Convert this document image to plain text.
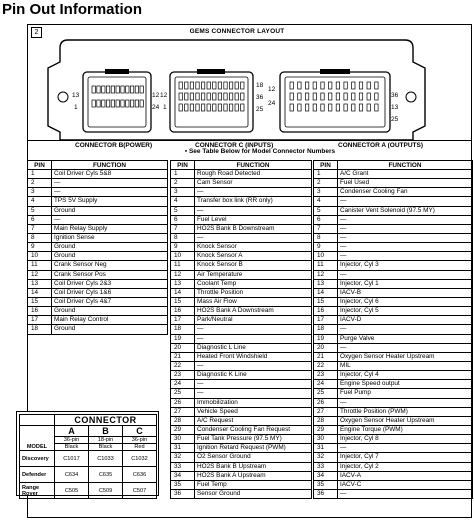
Pin Out Information
2	GEMS CONNECTOR LAYOUT
13
1
12
24
12
1
18
36
25
12
24
36
13
25
CONNECTOR B(POWER)	CONNECTOR C (INPUTS)	CONNECTOR A (OUTPUTS)
▪ See Table Below for Model Connector Numbers
PIN	FUNCTION
1	Coil Driver Cyls 5&8
2	—
3	—
4	TPS 5V Supply
5	Ground
6	—
7	Main Relay Supply
8	Ignition Sense
9	Ground
10	Ground
11	Crank Sensor Neg
12	Crank Sensor Pos
13	Coil Driver Cyls 2&3
14	Coil Driver Cyls 1&6
15	Coil Driver Cyls 4&7
16	Ground
17	Main Relay Control
18	Ground
PIN	FUNCTION
1	Rough Road Detected
2	Cam Sensor
3	—
4	Transfer box link (RR only)
5	—
6	Fuel Level
7	HO2S Bank B Downstream
8	—
9	Knock Sensor
10	Knock Sensor A
11	Knock Sensor B
12	Air Temperature
13	Coolant Temp
14	Throttle Position
15	Mass Air Flow
16	HO2S Bank A Downstream
17	Park/Neutral
18	—
19	—
20	Diagnostic L Line
21	Heated Front Windshield
22	—
23	Diagnostic K Line
24	—
25	—
26	Immobilization
27	Vehicle Speed
28	A/C Request
29	Condenser Cooling Fan Request
30	Fuel Tank Pressure (97.5 MY)
31	Ignition Retard Request (PWM)
32	O2 Sensor Ground
33	HO2S Bank B Upstream
34	HO2S Bank A Upstream
35	Fuel Temp
36	Sensor Ground
PIN	FUNCTION
1	A/C Grant
2	Fuel Used
3	Condenser Cooling Fan
4	—
5	Canister Vent Solenoid (97.5 MY)
6	—
7	—
8	—
9	—
10	—
11	Injector, Cyl 3
12	—
13	Injector, Cyl 1
14	IACV-B
15	Injector, Cyl 6
16	Injector, Cyl 5
17	IACV-D
18	—
19	Purge Valve
20	—
21	Oxygen Sensor Heater Upstream
22	MIL
23	Injector, Cyl 4
24	Engine Speed output
25	Fuel Pump
26	—
27	Throttle Position (PWM)
28	Oxygen Sensor Heater Upstream
29	Engine Torque (PWM)
30	Injector, Cyl 8
31	—
32	Injector, Cyl 7
33	Injector, Cyl 2
34	IACV-A
35	IACV-C
36	—
	CONNECTOR		
MODEL	A	B	C
	36-pin	18-pin	36-pin
	Black	Black	Red
Discovery	C1017	C1033	C1032
Defender	C634	C635	C636
Range Rover	C505	C509	C507
